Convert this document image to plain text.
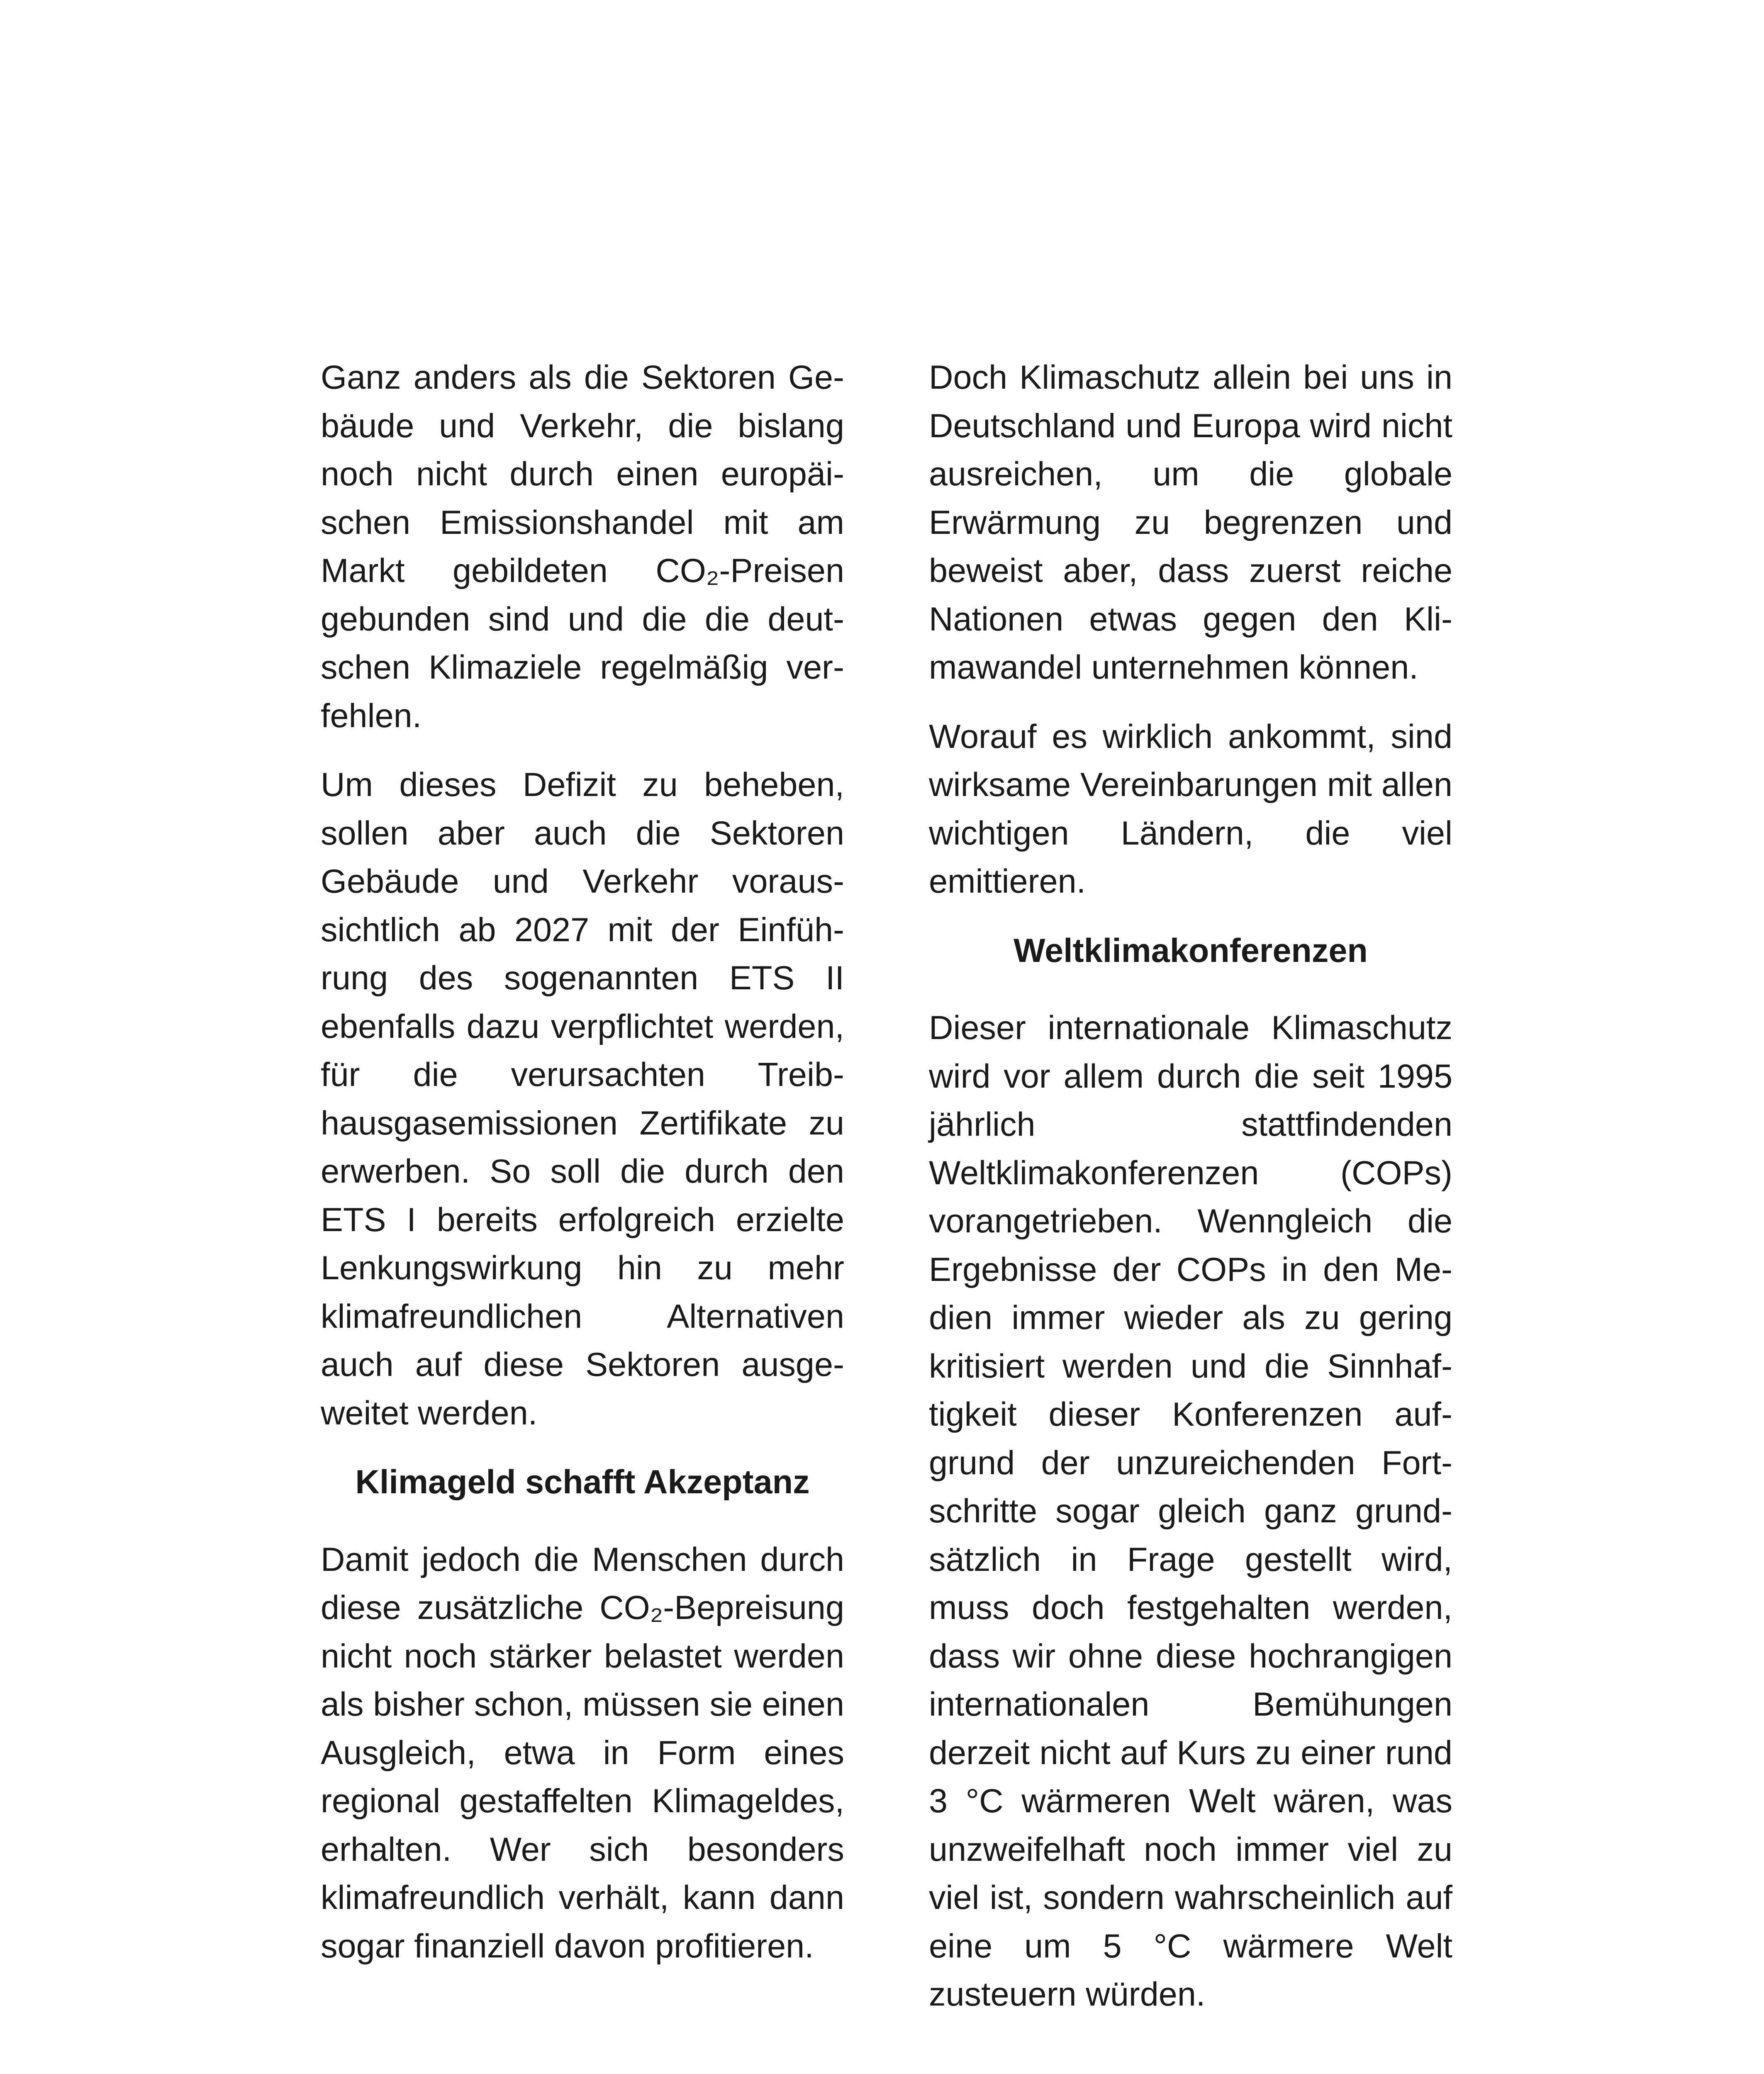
Ganz anders als die Sektoren Gebäude und Verkehr, die bislang noch nicht durch einen europäischen Emissionshandel mit am Markt gebildeten CO₂-Preisen gebunden sind und die die deutschen Klimaziele regelmäßig verfehlen.

Um dieses Defizit zu beheben, sollen aber auch die Sektoren Gebäude und Verkehr voraussichtlich ab 2027 mit der Einführung des sogenannten ETS II ebenfalls dazu verpflichtet werden, für die verursachten Treibhausgasemissionen Zertifikate zu erwerben. So soll die durch den ETS I bereits erfolgreich erzielte Lenkungswirkung hin zu mehr klimafreundlichen Alternativen auch auf diese Sektoren ausgeweitet werden.

Klimageld schafft Akzeptanz

Damit jedoch die Menschen durch diese zusätzliche CO₂-Bepreisung nicht noch stärker belastet werden als bisher schon, müssen sie einen Ausgleich, etwa in Form eines regional gestaffelten Klimageldes, erhalten. Wer sich besonders klimafreundlich verhält, kann dann sogar finanziell davon profitieren.

Doch Klimaschutz allein bei uns in Deutschland und Europa wird nicht ausreichen, um die globale Erwärmung zu begrenzen und beweist aber, dass zuerst reiche Nationen etwas gegen den Klimawandel unternehmen können.

Worauf es wirklich ankommt, sind wirksame Vereinbarungen mit allen wichtigen Ländern, die viel emittieren.

Weltklimakonferenzen

Dieser internationale Klimaschutz wird vor allem durch die seit 1995 jährlich stattfindenden Weltklimakonferenzen (COPs) vorangetrieben. Wenngleich die Ergebnisse der COPs in den Medien immer wieder als zu gering kritisiert werden und die Sinnhaftigkeit dieser Konferenzen aufgrund der unzureichenden Fortschritte sogar gleich ganz grundsätzlich in Frage gestellt wird, muss doch festgehalten werden, dass wir ohne diese hochrangigen internationalen Bemühungen derzeit nicht auf Kurs zu einer rund 3 °C wärmeren Welt wären, was unzweifelhaft noch immer viel zu viel ist, sondern wahrscheinlich auf eine um 5 °C wärmere Welt zusteuern würden.
